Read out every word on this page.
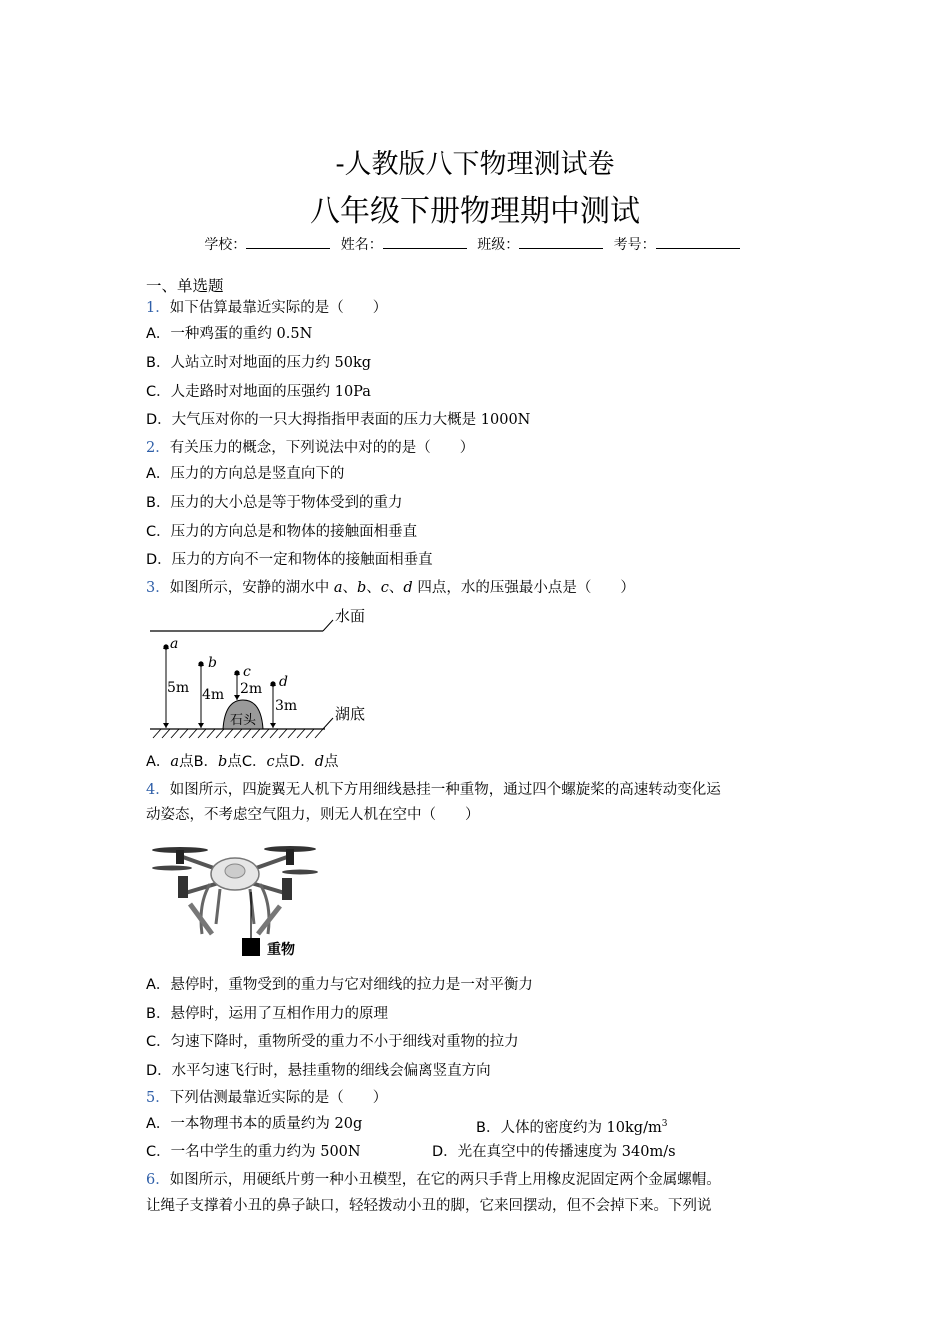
-人教版八下物理测试卷
八年级下册物理期中测试
学校：	姓名：	班级：	考号：
一、单选题
1．如下估算最靠近实际的是（　　）
A．一种鸡蛋的重约 0.5N
B．人站立时对地面的压力约 50kg
C．人走路时对地面的压强约 10Pa
D．大气压对你的一只大拇指指甲表面的压力大概是 1000N
2．有关压力的概念，下列说法中对的的是（　　）
A．压力的方向总是竖直向下的
B．压力的大小总是等于物体受到的重力
C．压力的方向总是和物体的接触面相垂直
D．压力的方向不一定和物体的接触面相垂直
3．如图所示，安静的湖水中 a、b、c、d 四点，水的压强最小点是（　　）
水面
湖底
石头
a
5m
b
4m
c
2m d
3m
A．a点B．b点C．c点D．d点
4．如图所示，四旋翼无人机下方用细线悬挂一种重物，通过四个螺旋桨的高速转动变化运
动姿态，不考虑空气阻力，则无人机在空中（　　）
重物
A．悬停时，重物受到的重力与它对细线的拉力是一对平衡力
B．悬停时，运用了互相作用力的原理
C．匀速下降时，重物所受的重力不小于细线对重物的拉力
D．水平匀速飞行时，悬挂重物的细线会偏离竖直方向
5．下列估测最靠近实际的是（　　）
A．一本物理书本的质量约为 20g	B．人体的密度约为 $10kg/m^3$
C．一名中学生的重力约为 500N	D．光在真空中的传播速度为 340m/s
6．如图所示，用硬纸片剪一种小丑模型，在它的两只手背上用橡皮泥固定两个金属螺帽。
让绳子支撑着小丑的鼻子缺口，轻轻拨动小丑的脚，它来回摆动，但不会掉下来。下列说
